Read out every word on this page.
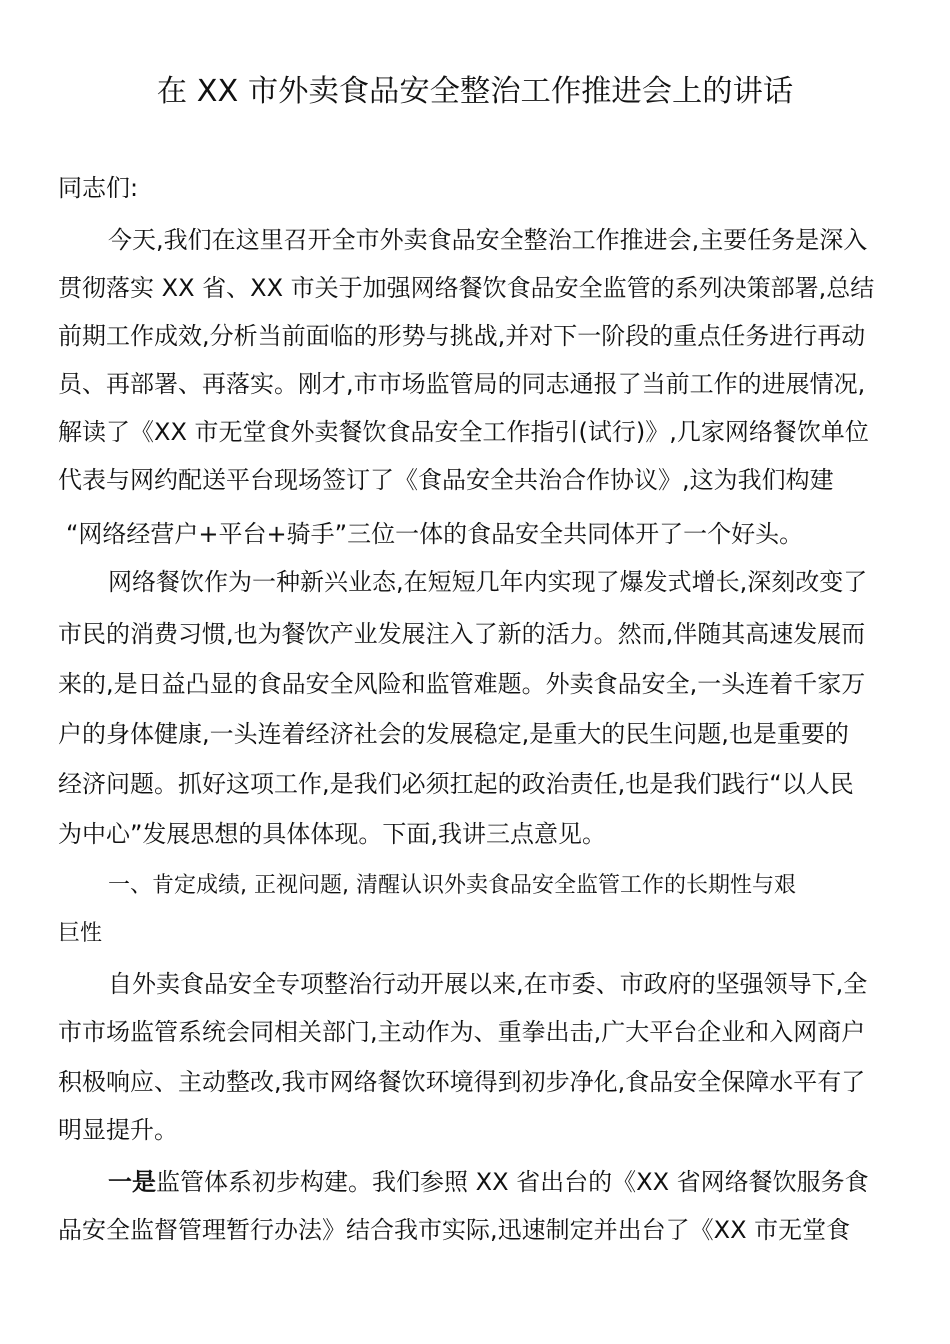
在 XX 市外卖食品安全整治工作推进会上的讲话

同志们:

今天,我们在这里召开全市外卖食品安全整治工作推进会,主要任务是深入

贯彻落实 XX 省、XX 市关于加强网络餐饮食品安全监管的系列决策部署,总结

前期工作成效,分析当前面临的形势与挑战,并对下一阶段的重点任务进行再动

员、再部署、再落实。刚才,市市场监管局的同志通报了当前工作的进展情况,

解读了《XX 市无堂食外卖餐饮食品安全工作指引(试行)》,几家网络餐饮单位

代表与网约配送平台现场签订了《食品安全共治合作协议》,这为我们构建

“网络经营户+平台+骑手”三位一体的食品安全共同体开了一个好头。

网络餐饮作为一种新兴业态,在短短几年内实现了爆发式增长,深刻改变了

市民的消费习惯,也为餐饮产业发展注入了新的活力。然而,伴随其高速发展而

来的,是日益凸显的食品安全风险和监管难题。外卖食品安全,一头连着千家万

户的身体健康,一头连着经济社会的发展稳定,是重大的民生问题,也是重要的

经济问题。抓好这项工作,是我们必须扛起的政治责任,也是我们践行“以人民

为中心”发展思想的具体体现。下面,我讲三点意见。

一、肯定成绩, 正视问题, 清醒认识外卖食品安全监管工作的长期性与艰

巨性

自外卖食品安全专项整治行动开展以来,在市委、市政府的坚强领导下,全

市市场监管系统会同相关部门,主动作为、重拳出击,广大平台企业和入网商户

积极响应、主动整改,我市网络餐饮环境得到初步净化,食品安全保障水平有了

明显提升。

一是监管体系初步构建。我们参照 XX 省出台的《XX 省网络餐饮服务食

品安全监督管理暂行办法》结合我市实际,迅速制定并出台了《XX 市无堂食
